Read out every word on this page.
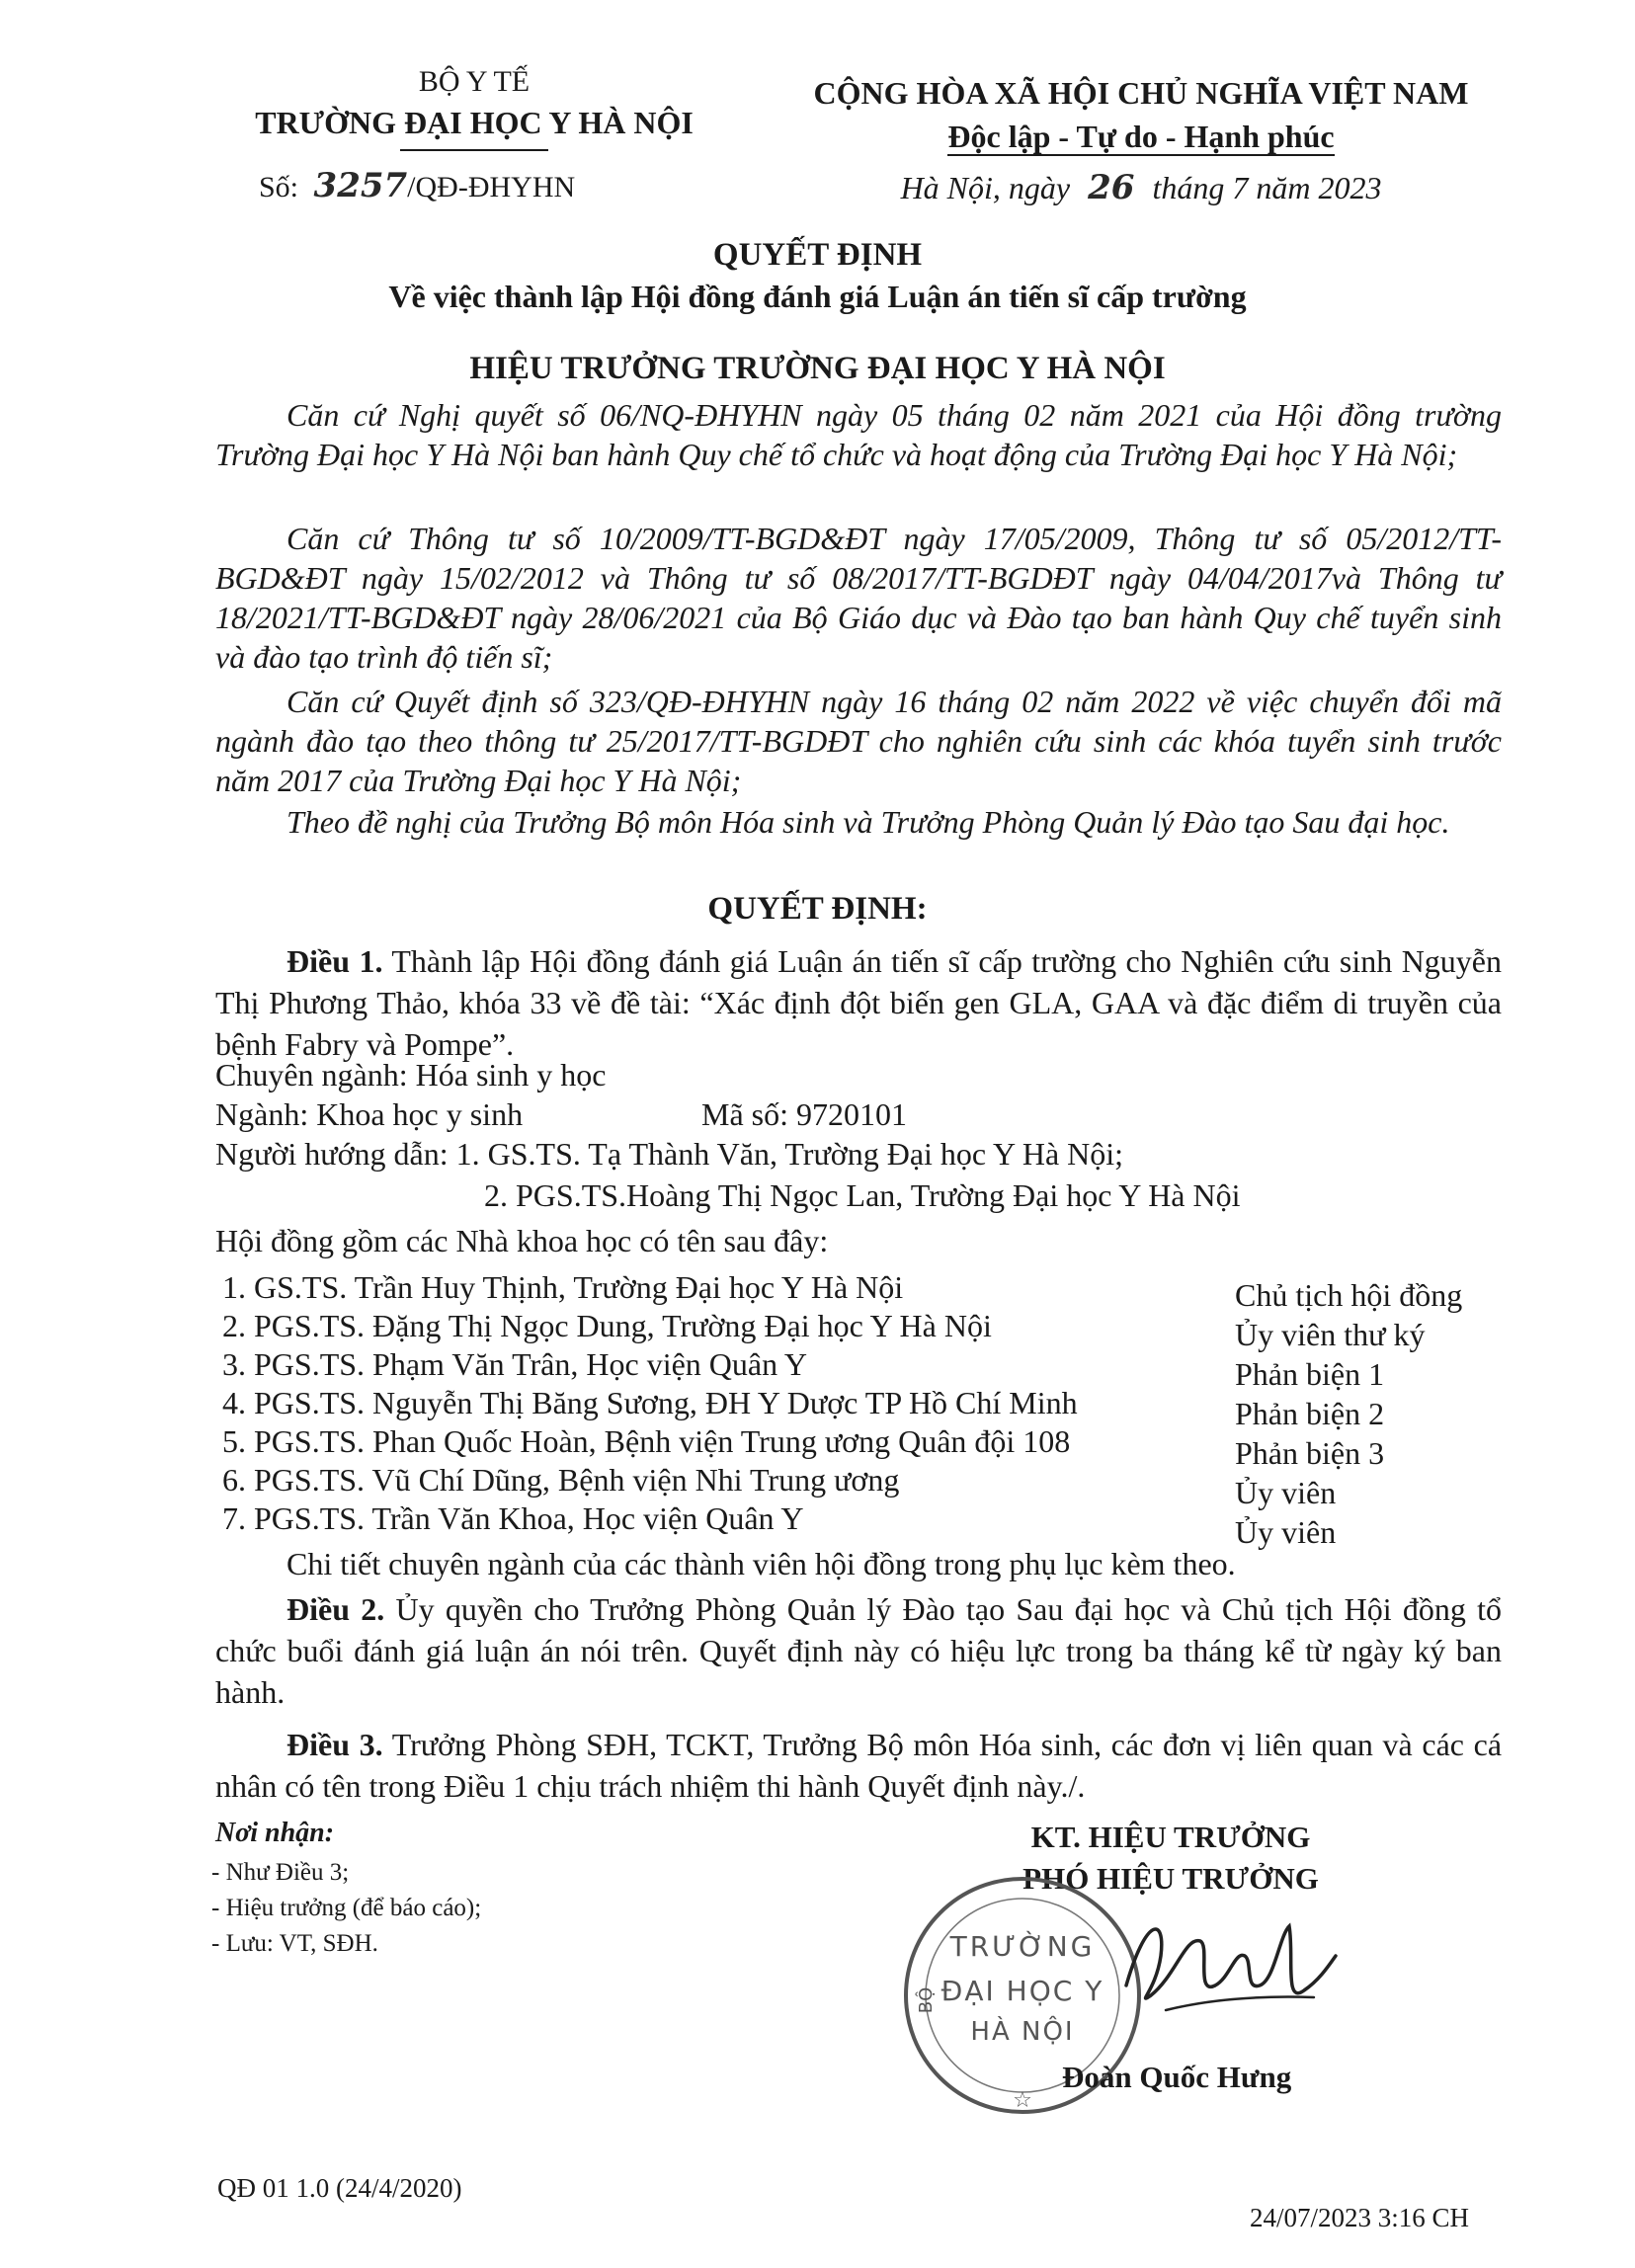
BỘ Y TẾ
TRƯỜNG ĐẠI HỌC Y HÀ NỘI
Số: 3257/QĐ-ĐHYHN
CỘNG HÒA XÃ HỘI CHỦ NGHĨA VIỆT NAM
Độc lập - Tự do - Hạnh phúc
Hà Nội, ngày 26 tháng 7 năm 2023
QUYẾT ĐỊNH
Về việc thành lập Hội đồng đánh giá Luận án tiến sĩ cấp trường
HIỆU TRƯỞNG TRƯỜNG ĐẠI HỌC Y HÀ NỘI
Căn cứ Nghị quyết số 06/NQ-ĐHYHN ngày 05 tháng 02 năm 2021 của Hội đồng trường Trường Đại học Y Hà Nội ban hành Quy chế tổ chức và hoạt động của Trường Đại học Y Hà Nội;
Căn cứ Thông tư số 10/2009/TT-BGD&ĐT ngày 17/05/2009, Thông tư số 05/2012/TT-BGD&ĐT ngày 15/02/2012 và Thông tư số 08/2017/TT-BGDĐT ngày 04/04/2017và Thông tư 18/2021/TT-BGD&ĐT ngày 28/06/2021 của Bộ Giáo dục và Đào tạo ban hành Quy chế tuyển sinh và đào tạo trình độ tiến sĩ;
Căn cứ Quyết định số 323/QĐ-ĐHYHN ngày 16 tháng 02 năm 2022 về việc chuyển đổi mã ngành đào tạo theo thông tư 25/2017/TT-BGDĐT cho nghiên cứu sinh các khóa tuyển sinh trước năm 2017 của Trường Đại học Y Hà Nội;
Theo đề nghị của Trưởng Bộ môn Hóa sinh và Trưởng Phòng Quản lý Đào tạo Sau đại học.
QUYẾT ĐỊNH:
Điều 1. Thành lập Hội đồng đánh giá Luận án tiến sĩ cấp trường cho Nghiên cứu sinh Nguyễn Thị Phương Thảo, khóa 33 về đề tài: “Xác định đột biến gen GLA, GAA và đặc điểm di truyền của bệnh Fabry và Pompe”.
Chuyên ngành: Hóa sinh y học
Ngành: Khoa học y sinh	Mã số: 9720101
Người hướng dẫn: 1. GS.TS. Tạ Thành Văn, Trường Đại học Y Hà Nội;
2. PGS.TS.Hoàng Thị Ngọc Lan, Trường Đại học Y Hà Nội
Hội đồng gồm các Nhà khoa học có tên sau đây:
1. GS.TS. Trần Huy Thịnh, Trường Đại học Y Hà Nội	Chủ tịch hội đồng
2. PGS.TS. Đặng Thị Ngọc Dung, Trường Đại học Y Hà Nội	Ủy viên thư ký
3. PGS.TS. Phạm Văn Trân, Học viện Quân Y	Phản biện 1
4. PGS.TS. Nguyễn Thị Băng Sương, ĐH Y Dược TP Hồ Chí Minh	Phản biện 2
5. PGS.TS. Phan Quốc Hoàn, Bệnh viện Trung ương Quân đội 108	Phản biện 3
6. PGS.TS. Vũ Chí Dũng, Bệnh viện Nhi Trung ương	Ủy viên
7. PGS.TS. Trần Văn Khoa, Học viện Quân Y	Ủy viên
Chi tiết chuyên ngành của các thành viên hội đồng trong phụ lục kèm theo.
Điều 2. Ủy quyền cho Trưởng Phòng Quản lý Đào tạo Sau đại học và Chủ tịch Hội đồng tổ chức buổi đánh giá luận án nói trên. Quyết định này có hiệu lực trong ba tháng kể từ ngày ký ban hành.
Điều 3. Trưởng Phòng SĐH, TCKT, Trưởng Bộ môn Hóa sinh, các đơn vị liên quan và các cá nhân có tên trong Điều 1 chịu trách nhiệm thi hành Quyết định này./.
Nơi nhận:
- Như Điều 3;
- Hiệu trưởng (để báo cáo);
- Lưu: VT, SĐH.
KT. HIỆU TRƯỞNG
PHÓ HIỆU TRƯỞNG
TRƯỜNG
ĐẠI HỌC Y
HÀ NỘI
BỘ
☆
Đoàn Quốc Hưng
QĐ 01 1.0 (24/4/2020)
24/07/2023 3:16 CH
